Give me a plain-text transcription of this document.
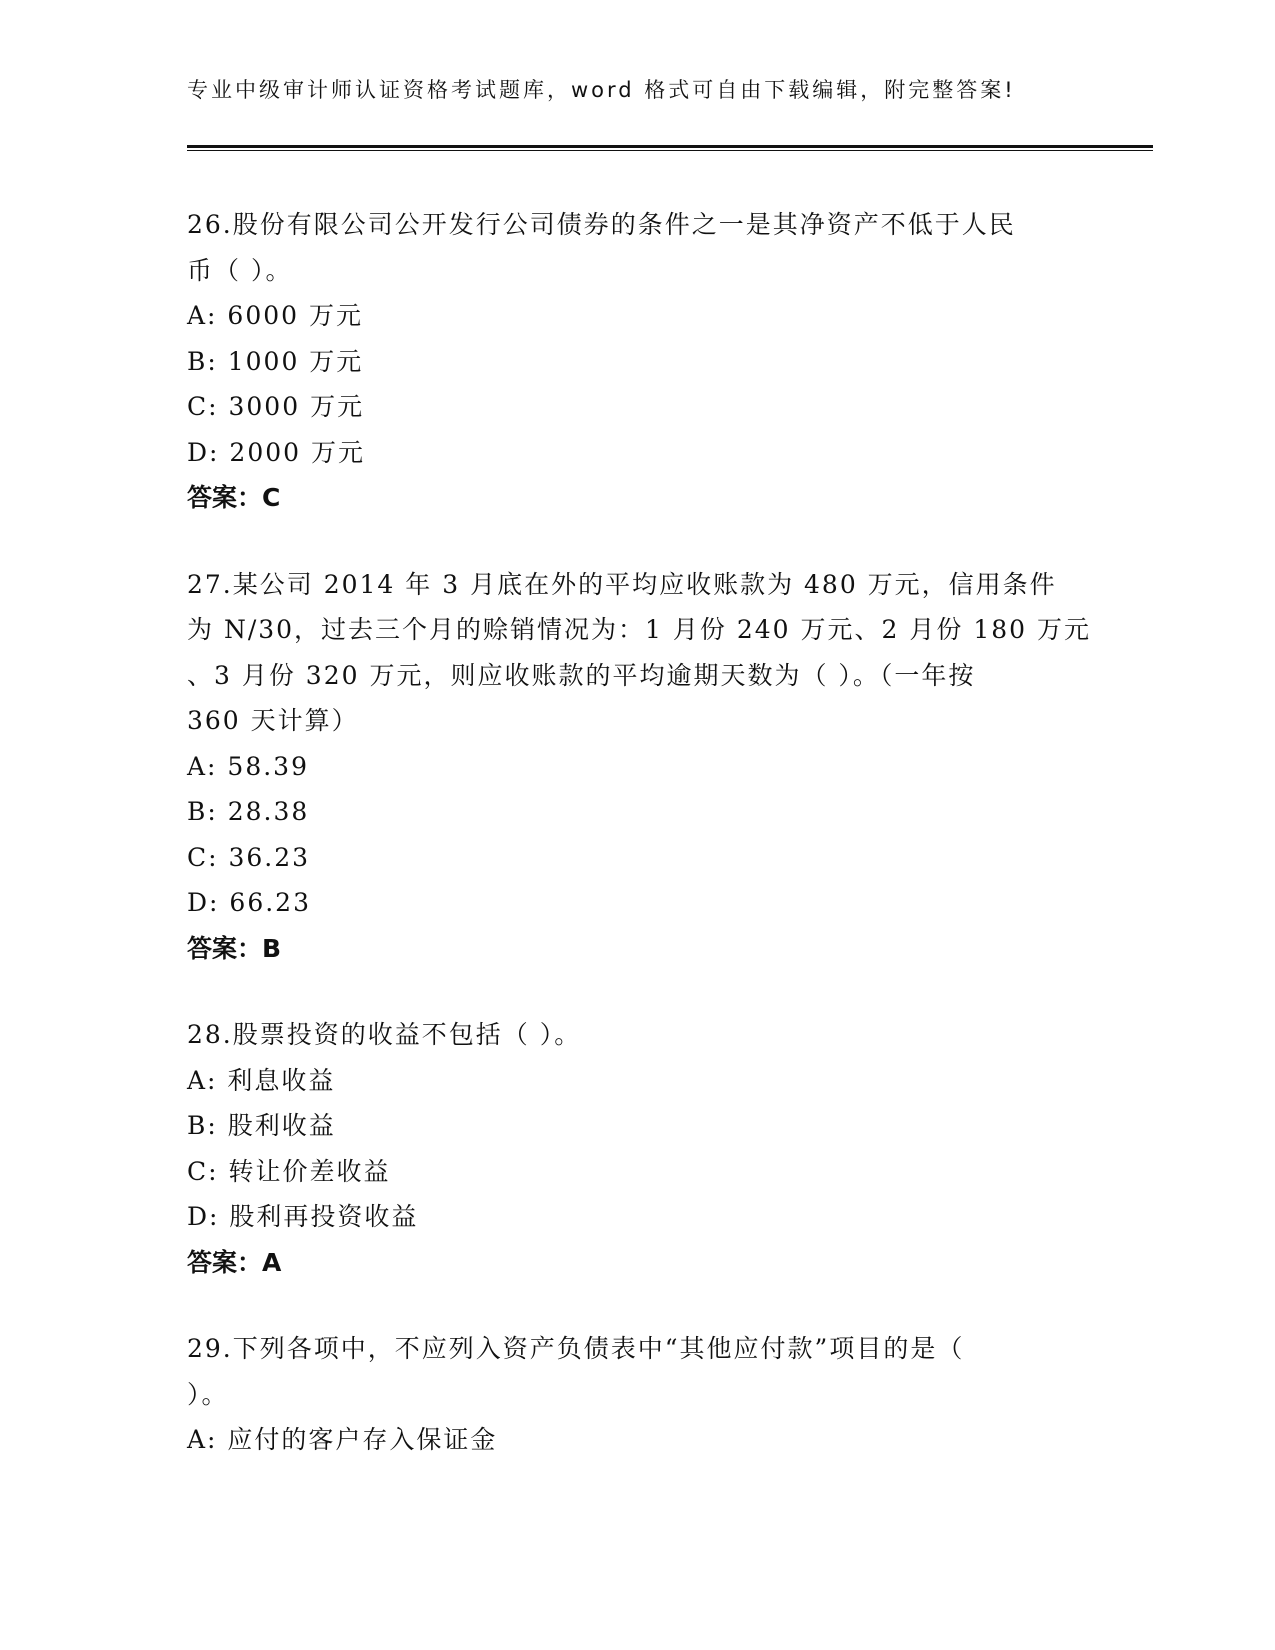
专业中级审计师认证资格考试题库，word 格式可自由下载编辑，附完整答案!
26.股份有限公司公开发行公司债券的条件之一是其净资产不低于人民
币（ ）。
A: 6000 万元
B: 1000 万元
C: 3000 万元
D: 2000 万元
答案：C
27.某公司 2014 年 3 月底在外的平均应收账款为 480 万元，信用条件
为 N/30，过去三个月的赊销情况为：1 月份 240 万元、2 月份 180 万元
、3 月份 320 万元，则应收账款的平均逾期天数为（ ）。（一年按
360 天计算）
A: 58.39
B: 28.38
C: 36.23
D: 66.23
答案：B
28.股票投资的收益不包括（ ）。
A: 利息收益
B: 股利收益
C: 转让价差收益
D: 股利再投资收益
答案：A
29.下列各项中，不应列入资产负债表中“其他应付款”项目的是（
）。
A: 应付的客户存入保证金
